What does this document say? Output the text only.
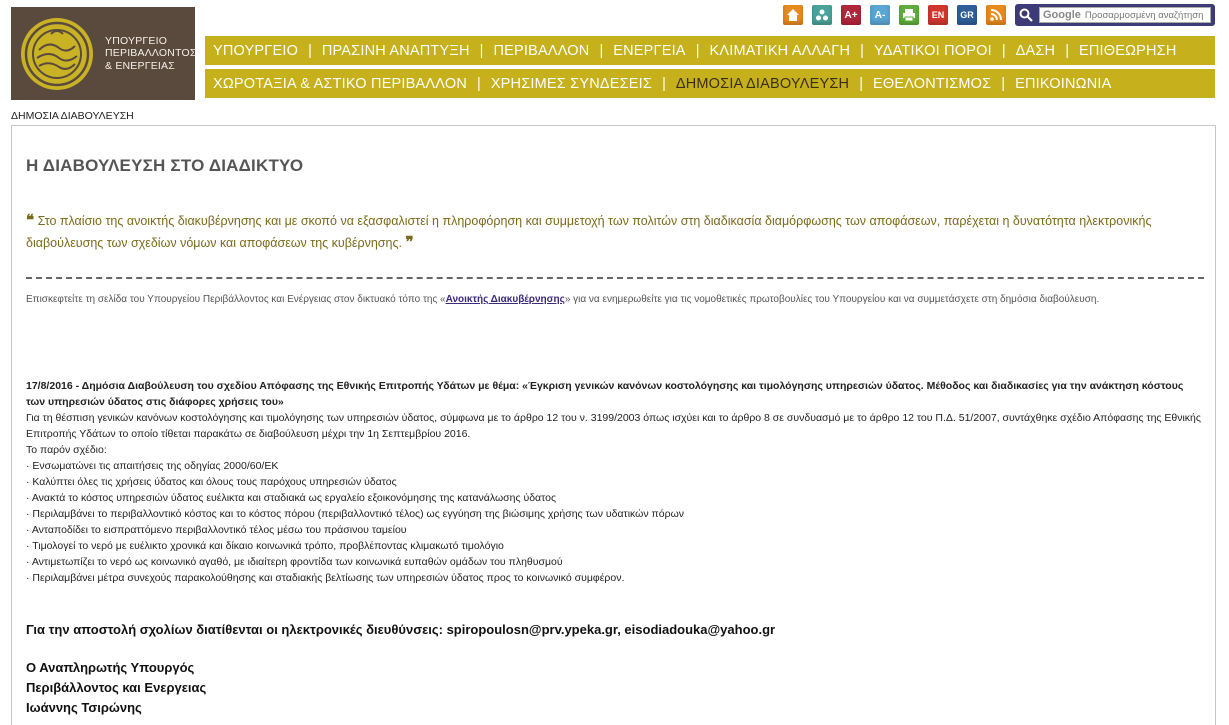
ΥΠΟΥΡΓΕΙΟ
ΠΕΡΙΒΑΛΛΟΝΤΟΣ
& ΕΝΕΡΓΕΙΑΣ
A+	A-	EN	GR	Google Προσαρμοσμένη αναζήτηση
ΥΠΟΥΡΓΕΙΟ | ΠΡΑΣΙΝΗ ΑΝΑΠΤΥΞΗ | ΠΕΡΙΒΑΛΛΟΝ | ΕΝΕΡΓΕΙΑ | ΚΛΙΜΑΤΙΚΗ ΑΛΛΑΓΗ | ΥΔΑΤΙΚΟΙ ΠΟΡΟΙ | ΔΑΣΗ | ΕΠΙΘΕΩΡΗΣΗ
ΧΩΡΟΤΑΞΙΑ & ΑΣΤΙΚΟ ΠΕΡΙΒΑΛΛΟΝ | ΧΡΗΣΙΜΕΣ ΣΥΝΔΕΣΕΙΣ | ΔΗΜΟΣΙΑ ΔΙΑΒΟΥΛΕΥΣΗ | ΕΘΕΛΟΝΤΙΣΜΟΣ | ΕΠΙΚΟΙΝΩΝΙΑ
ΔΗΜΟΣΙΑ ΔΙΑΒΟΥΛΕΥΣΗ
Η ΔΙΑΒΟΥΛΕΥΣΗ ΣΤΟ ΔΙΑΔΙΚΤΥΟ
❝ Στο πλαίσιο της ανοικτής διακυβέρνησης και με σκοπό να εξασφαλιστεί η πληροφόρηση και συμμετοχή των πολιτών στη διαδικασία διαμόρφωσης των αποφάσεων, παρέχεται η δυνατότητα ηλεκτρονικής διαβούλευσης των σχεδίων νόμων και αποφάσεων της κυβέρνησης. ❞
Επισκεφτείτε τη σελίδα του Υπουργείου Περιβάλλοντος και Ενέργειας στον δικτυακό τόπο της «Ανοικτής Διακυβέρνησης» για να ενημερωθείτε για τις νομοθετικές πρωτοβουλίες του Υπουργείου και να συμμετάσχετε στη δημόσια διαβούλευση.
17/8/2016 - Δημόσια Διαβούλευση του σχεδίου Απόφασης της Εθνικής Επιτροπής Υδάτων με θέμα: «Έγκριση γενικών κανόνων κοστολόγησης και τιμολόγησης υπηρεσιών ύδατος. Μέθοδος και διαδικασίες για την ανάκτηση κόστους των υπηρεσιών ύδατος στις διάφορες χρήσεις του»

Για τη θέσπιση γενικών κανόνων κοστολόγησης και τιμολόγησης των υπηρεσιών ύδατος, σύμφωνα με το άρθρο 12 του ν. 3199/2003 όπως ισχύει και το άρθρο 8 σε συνδυασμό με το άρθρο 12 του Π.Δ. 51/2007, συντάχθηκε σχέδιο Απόφασης της Εθνικής Επιτροπής Υδάτων το οποίο τίθεται παρακάτω σε διαβούλευση μέχρι την 1η Σεπτεμβρίου 2016.

Το παρόν σχέδιο:

· Ενσωματώνει τις απαιτήσεις της οδηγίας 2000/60/ΕΚ
· Καλύπτει όλες τις χρήσεις ύδατος και όλους τους παρόχους υπηρεσιών ύδατος
· Ανακτά το κόστος υπηρεσιών ύδατος ευέλικτα και σταδιακά ως εργαλείο εξοικονόμησης της κατανάλωσης ύδατος
· Περιλαμβάνει το περιβαλλοντικό κόστος και το κόστος πόρου (περιβαλλοντικό τέλος) ως εγγύηση της βιώσιμης χρήσης των υδατικών πόρων
· Ανταποδίδει το εισπραττόμενο περιβαλλοντικό τέλος μέσω του πράσινου ταμείου
· Τιμολογεί το νερό με ευέλικτο χρονικά και δίκαιο κοινωνικά τρόπο, προβλέποντας κλιμακωτό τιμολόγιο
· Αντιμετωπίζει το νερό ως κοινωνικό αγαθό, με ιδιαίτερη φροντίδα των κοινωνικά ευπαθών ομάδων του πληθυσμού
· Περιλαμβάνει μέτρα συνεχούς παρακολούθησης και σταδιακής βελτίωσης των υπηρεσιών ύδατος προς το κοινωνικό συμφέρον.
Για την αποστολή σχολίων διατίθενται οι ηλεκτρονικές διευθύνσεις: spiropoulosn@prv.ypeka.gr, eisodiadouka@yahoo.gr
Ο Αναπληρωτής Υπουργός
Περιβάλλοντος και Ενεργειας
Ιωάννης Τσιρώνης
